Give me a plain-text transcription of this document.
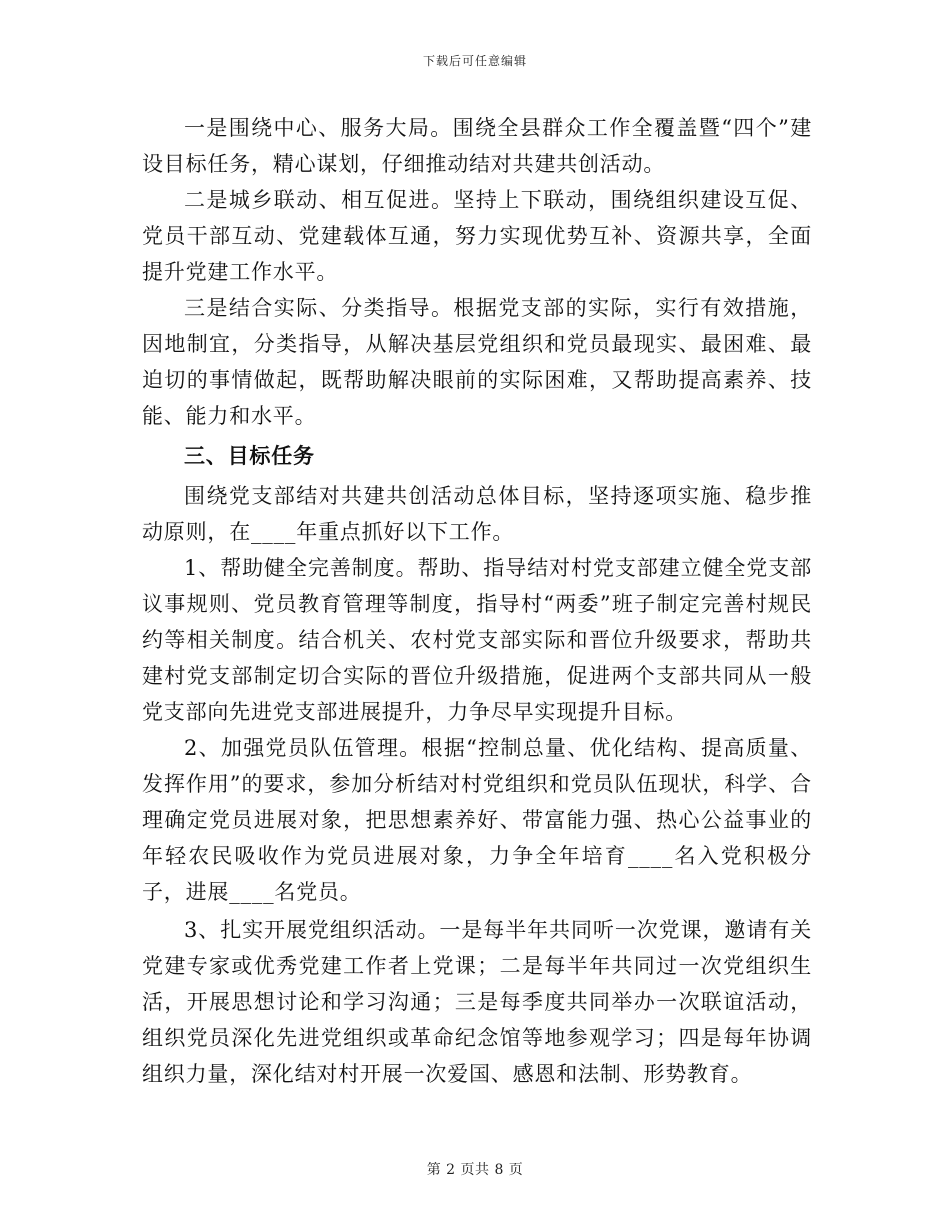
下载后可任意编辑

一是围绕中心、服务大局。围绕全县群众工作全覆盖暨“四个”建设目标任务，精心谋划，仔细推动结对共建共创活动。

二是城乡联动、相互促进。坚持上下联动，围绕组织建设互促、党员干部互动、党建载体互通，努力实现优势互补、资源共享，全面提升党建工作水平。

三是结合实际、分类指导。根据党支部的实际，实行有效措施，因地制宜，分类指导，从解决基层党组织和党员最现实、最困难、最迫切的事情做起，既帮助解决眼前的实际困难，又帮助提高素养、技能、能力和水平。

三、目标任务

围绕党支部结对共建共创活动总体目标，坚持逐项实施、稳步推动原则，在____年重点抓好以下工作。

1、帮助健全完善制度。帮助、指导结对村党支部建立健全党支部议事规则、党员教育管理等制度，指导村“两委”班子制定完善村规民约等相关制度。结合机关、农村党支部实际和晋位升级要求，帮助共建村党支部制定切合实际的晋位升级措施，促进两个支部共同从一般党支部向先进党支部进展提升，力争尽早实现提升目标。

2、加强党员队伍管理。根据“控制总量、优化结构、提高质量、发挥作用”的要求，参加分析结对村党组织和党员队伍现状，科学、合理确定党员进展对象，把思想素养好、带富能力强、热心公益事业的年轻农民吸收作为党员进展对象，力争全年培育____名入党积极分子，进展____名党员。

3、扎实开展党组织活动。一是每半年共同听一次党课，邀请有关党建专家或优秀党建工作者上党课；二是每半年共同过一次党组织生活，开展思想讨论和学习沟通；三是每季度共同举办一次联谊活动，组织党员深化先进党组织或革命纪念馆等地参观学习；四是每年协调组织力量，深化结对村开展一次爱国、感恩和法制、形势教育。

第 2 页共 8 页
